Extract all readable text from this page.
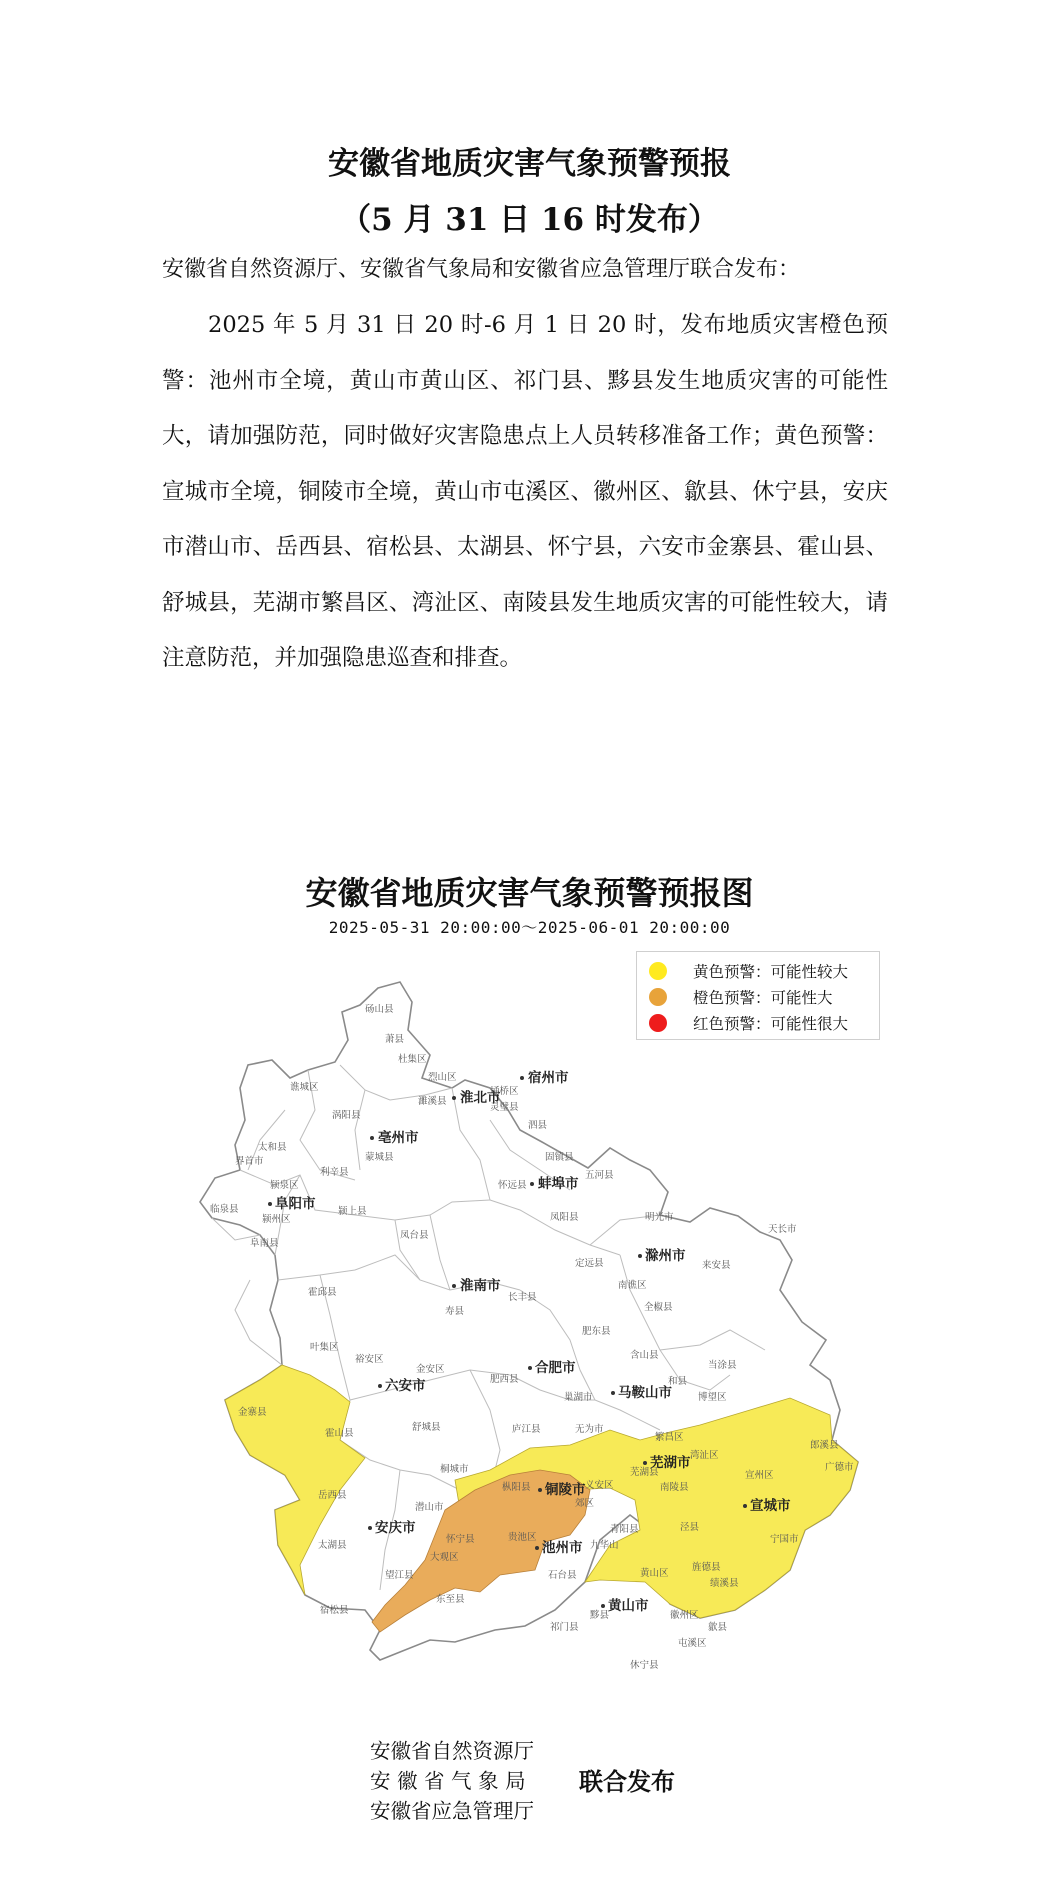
安徽省地质灾害气象预警预报
（5 月 31 日 16 时发布）
安徽省自然资源厅、安徽省气象局和安徽省应急管理厅联合发布：
2025 年 5 月 31 日 20 时-6 月 1 日 20 时，发布地质灾害橙色预警：池州市全境，黄山市黄山区、祁门县、黟县发生地质灾害的可能性大，请加强防范，同时做好灾害隐患点上人员转移准备工作；黄色预警：宣城市全境，铜陵市全境，黄山市屯溪区、徽州区、歙县、休宁县，安庆市潜山市、岳西县、宿松县、太湖县、怀宁县，六安市金寨县、霍山县、舒城县，芜湖市繁昌区、湾沚区、南陵县发生地质灾害的可能性较大，请注意防范，并加强隐患巡查和排查。
安徽省地质灾害气象预警预报图
2025-05-31 20:00:00～2025-06-01 20:00:00
黄色预警：可能性较大
橙色预警：可能性大
红色预警：可能性很大
宿州市
淮北市
亳州市
阜阳市
蚌埠市
淮南市
滁州市
六安市
合肥市
马鞍山市
芜湖市
铜陵市
安庆市
池州市
宣城市
黄山市
砀山县
萧县
杜集区
烈山区
灵璧县
埇桥区
泗县
濉溪县
涡阳县
蒙城县
利辛县
谯城区
太和县
界首市
临泉县
颍州区
颍泉区
阜南县
颍上县
固镇县
五河县
怀远县
凤阳县	明光市
天长市
来安县
南谯区
全椒县
定远县
凤台县
寿县
长丰县
霍邱县
叶集区
裕安区
金安区
金寨县
霍山县
舒城县
肥西县
肥东县
庐江县
巢湖市
含山县
和县
当涂县
博望区
无为市
繁昌区
湾沚区
南陵县
枞阳县	义安区
郊区
桐城市
潜山市
岳西县
太湖县
宿松县
望江县
怀宁县
大观区
东至县
贵池区
石台县
青阳县
九华山
泾县
旌德县
宁国市
广德市
郎溪县
黄山区
黟县
祁门县
徽州区
歙县
屯溪区
休宁县
绩溪县
宣州区
芜湖县
安徽省自然资源厅
安 徽 省 气 象 局
安徽省应急管理厅
联合发布
